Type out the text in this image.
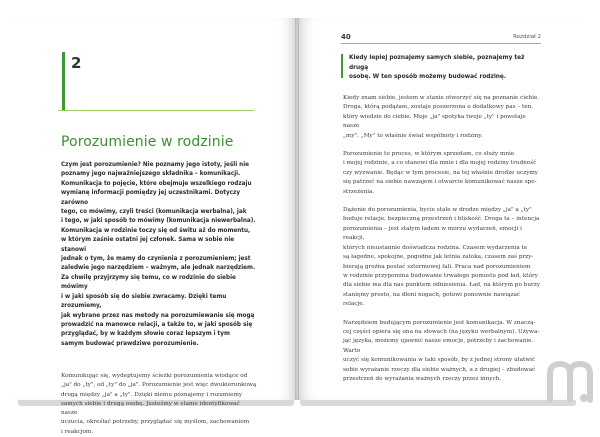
2
Porozumienie w rodzinie

Czym jest porozumienie? Nie poznamy jego istoty, jeśli nie

poznamy jego najważniejszego składnika – komunikacji.

Komunikacja to pojęcie, które obejmuje wszelkiego rodzaju

wymianę informacji pomiędzy jej uczestnikami. Dotyczy zarówno

tego, co mówimy, czyli treści (komunikacja werbalna), jak

i tego, w jaki sposób to mówimy (komunikacja niewerbalna).

Komunikacja w rodzinie toczy się od świtu aż do momentu,

w którym zaśnie ostatni jej członek. Sama w sobie nie stanowi

jednak o tym, że mamy do czynienia z porozumieniem; jest

zaledwie jego narzędziem – ważnym, ale jednak narzędziem.

Za chwilę przyjrzymy się temu, co w rodzinie do siebie mówimy

i w jaki sposób się do siebie zwracamy. Dzięki temu zrozumiemy,

jak wybrane przez nas metody na porozumiewanie się mogą

prowadzić na manowce relacji, a także to, w jaki sposób się

przyglądać, by w każdym słowie coraz lepszym i tym

samym budować prawdziwe porozumienie.

Komunikując się, wydeptujemy ścieżki porozumienia wiodące od

„ja" do „ty", od „ty" do „ja". Porozumienie jest więc dwukierunkową

drogą między „ja" a „ty". Dzięki niemu poznajemy i rozumiemy

samych siebie i drugą osobę. Jesteśmy w stanie identyfikować nasze

uczucia, określać potrzeby, przyglądać się myślom, zachowaniom

i reakcjom.

40	Rozdział 2

Kiedy lepiej poznajemy samych siebie, poznajemy też drugą

osobę. W ten sposób możemy budować rodzinę.

Kiedy znam siebie, jestem w stanie otworzyć się na poznanie ciebie.
Droga, którą podążam, zostaje poszerzona o dodatkowy pas – ten,
który wiedzie do ciebie. Moje „ja" spotyka twoje „ty" i powstaje nasze
„my". „My" to właśnie świat wspólnoty i rodziny.

Porozumienie to proces, w którym sprzedam, co służy mnie
i mojej rodzinie, a co stanowi dla mnie i dla mojej rodziny trudność
czy wyzwanie. Będąc w tym procesie, na tej właśnie drodze uczymy
się patrzeć na siebie nawzajem i otwarcie komunikować nasze spo-
strzeżenia.

Dążenie do porozumienia, bycie stale w drodze między „ja" a „ty"
buduje relacje, bezpieczną przestrzeń i bliskość. Droga ta – intencja
porozumienia – jest stałym ładem w morzu wydarzeń, emocji i reakcji,
których nieustannie doświadcza rodzina. Czasem wydarzenia te
są łagodne, spokojne, pogodne jak letnia zatoka, czasem zaś przy-
bierają groźna postać sztormowej fali. Praca nad porozumieniem
w rodzinie przypomina budowanie trwałego pomostu pod ład, który
dla siebie ma dla nas punktem odniesienia. Ład, na którym po burzy
stanięmy prosto, na dłoni nogach, gotowi ponownie nawiązać
relacje.

Narzędziem budującym porozumienie jest komunikacja. W znaczą-
cej części opiera się ona na słowach (na języku werbalnym). Używa-
jąc języka, możemy ujawnić nasze emocje, potrzeby i zachowanie. Warto
uczyć się komunikowania w taki sposób, by z jednej strony ułatwić
sobie wyrażanie rzeczy dla siebie ważnych, a z drugiej – zbudować
przestrzeń do wyrażania ważnych rzeczy przez innych.
